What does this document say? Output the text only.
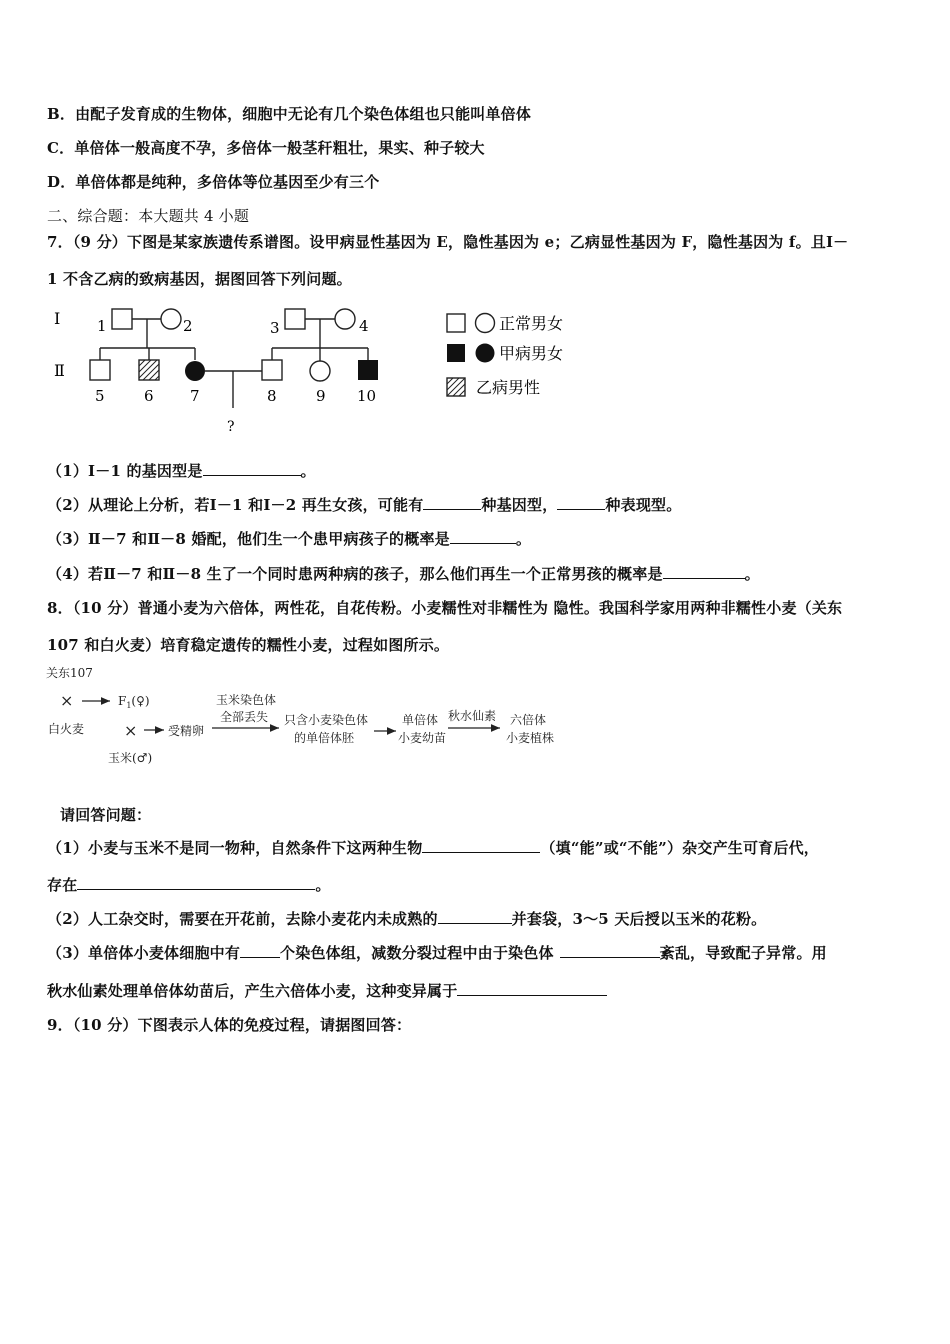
B．由配子发育成的生物体，细胞中无论有几个染色体组也只能叫单倍体
C．单倍体一般高度不孕，多倍体一般茎秆粗壮，果实、种子较大
D．单倍体都是纯种，多倍体等位基因至少有三个
二、综合题：本大题共 4 小题
7．（9 分）下图是某家族遗传系谱图。设甲病显性基因为 E，隐性基因为 e；乙病显性基因为 F，隐性基因为 f。且Ⅰ－
1 不含乙病的致病基因，据图回答下列问题。
Ⅰ
Ⅱ
1	2	3	4
5	6 7	8	9 10
?
正常男女
甲病男女
乙病男性
（1）Ⅰ－1 的基因型是	。
（2）从理论上分析，若Ⅰ－1 和Ⅰ－2 再生女孩，可能有	种基因型，	种表现型。
（3）Ⅱ－7 和Ⅱ－8 婚配，他们生一个患甲病孩子的概率是	。
（4）若Ⅱ－7 和Ⅱ－8 生了一个同时患两种病的孩子，那么他们再生一个正常男孩的概率是	。
8．（10 分）普通小麦为六倍体，两性花，自花传粉。小麦糯性对非糯性为 隐性。我国科学家用两种非糯性小麦（关东
107 和白火麦）培育稳定遗传的糯性小麦，过程如图所示。
关东107
×	$F_1(♀)$
白火麦 ×	受精卵
玉米(♂)
玉米染色体
全部丢失 只含小麦染色体
的单倍体胚
单倍体
小麦幼苗
秋水仙素 六倍体
小麦植株
请回答问题：
（1）小麦与玉米不是同一物种，自然条件下这两种生物	（填“能”或“不能”）杂交产生可育后代，
存在	。
（2）人工杂交时，需要在开花前，去除小麦花内未成熟的	并套袋，3～5 天后授以玉米的花粉。
（3）单倍体小麦体细胞中有	个染色体组，减数分裂过程中由于染色体	紊乱，导致配子异常。用
秋水仙素处理单倍体幼苗后，产生六倍体小麦，这种变异属于
9．（10 分）下图表示人体的免疫过程，请据图回答：
